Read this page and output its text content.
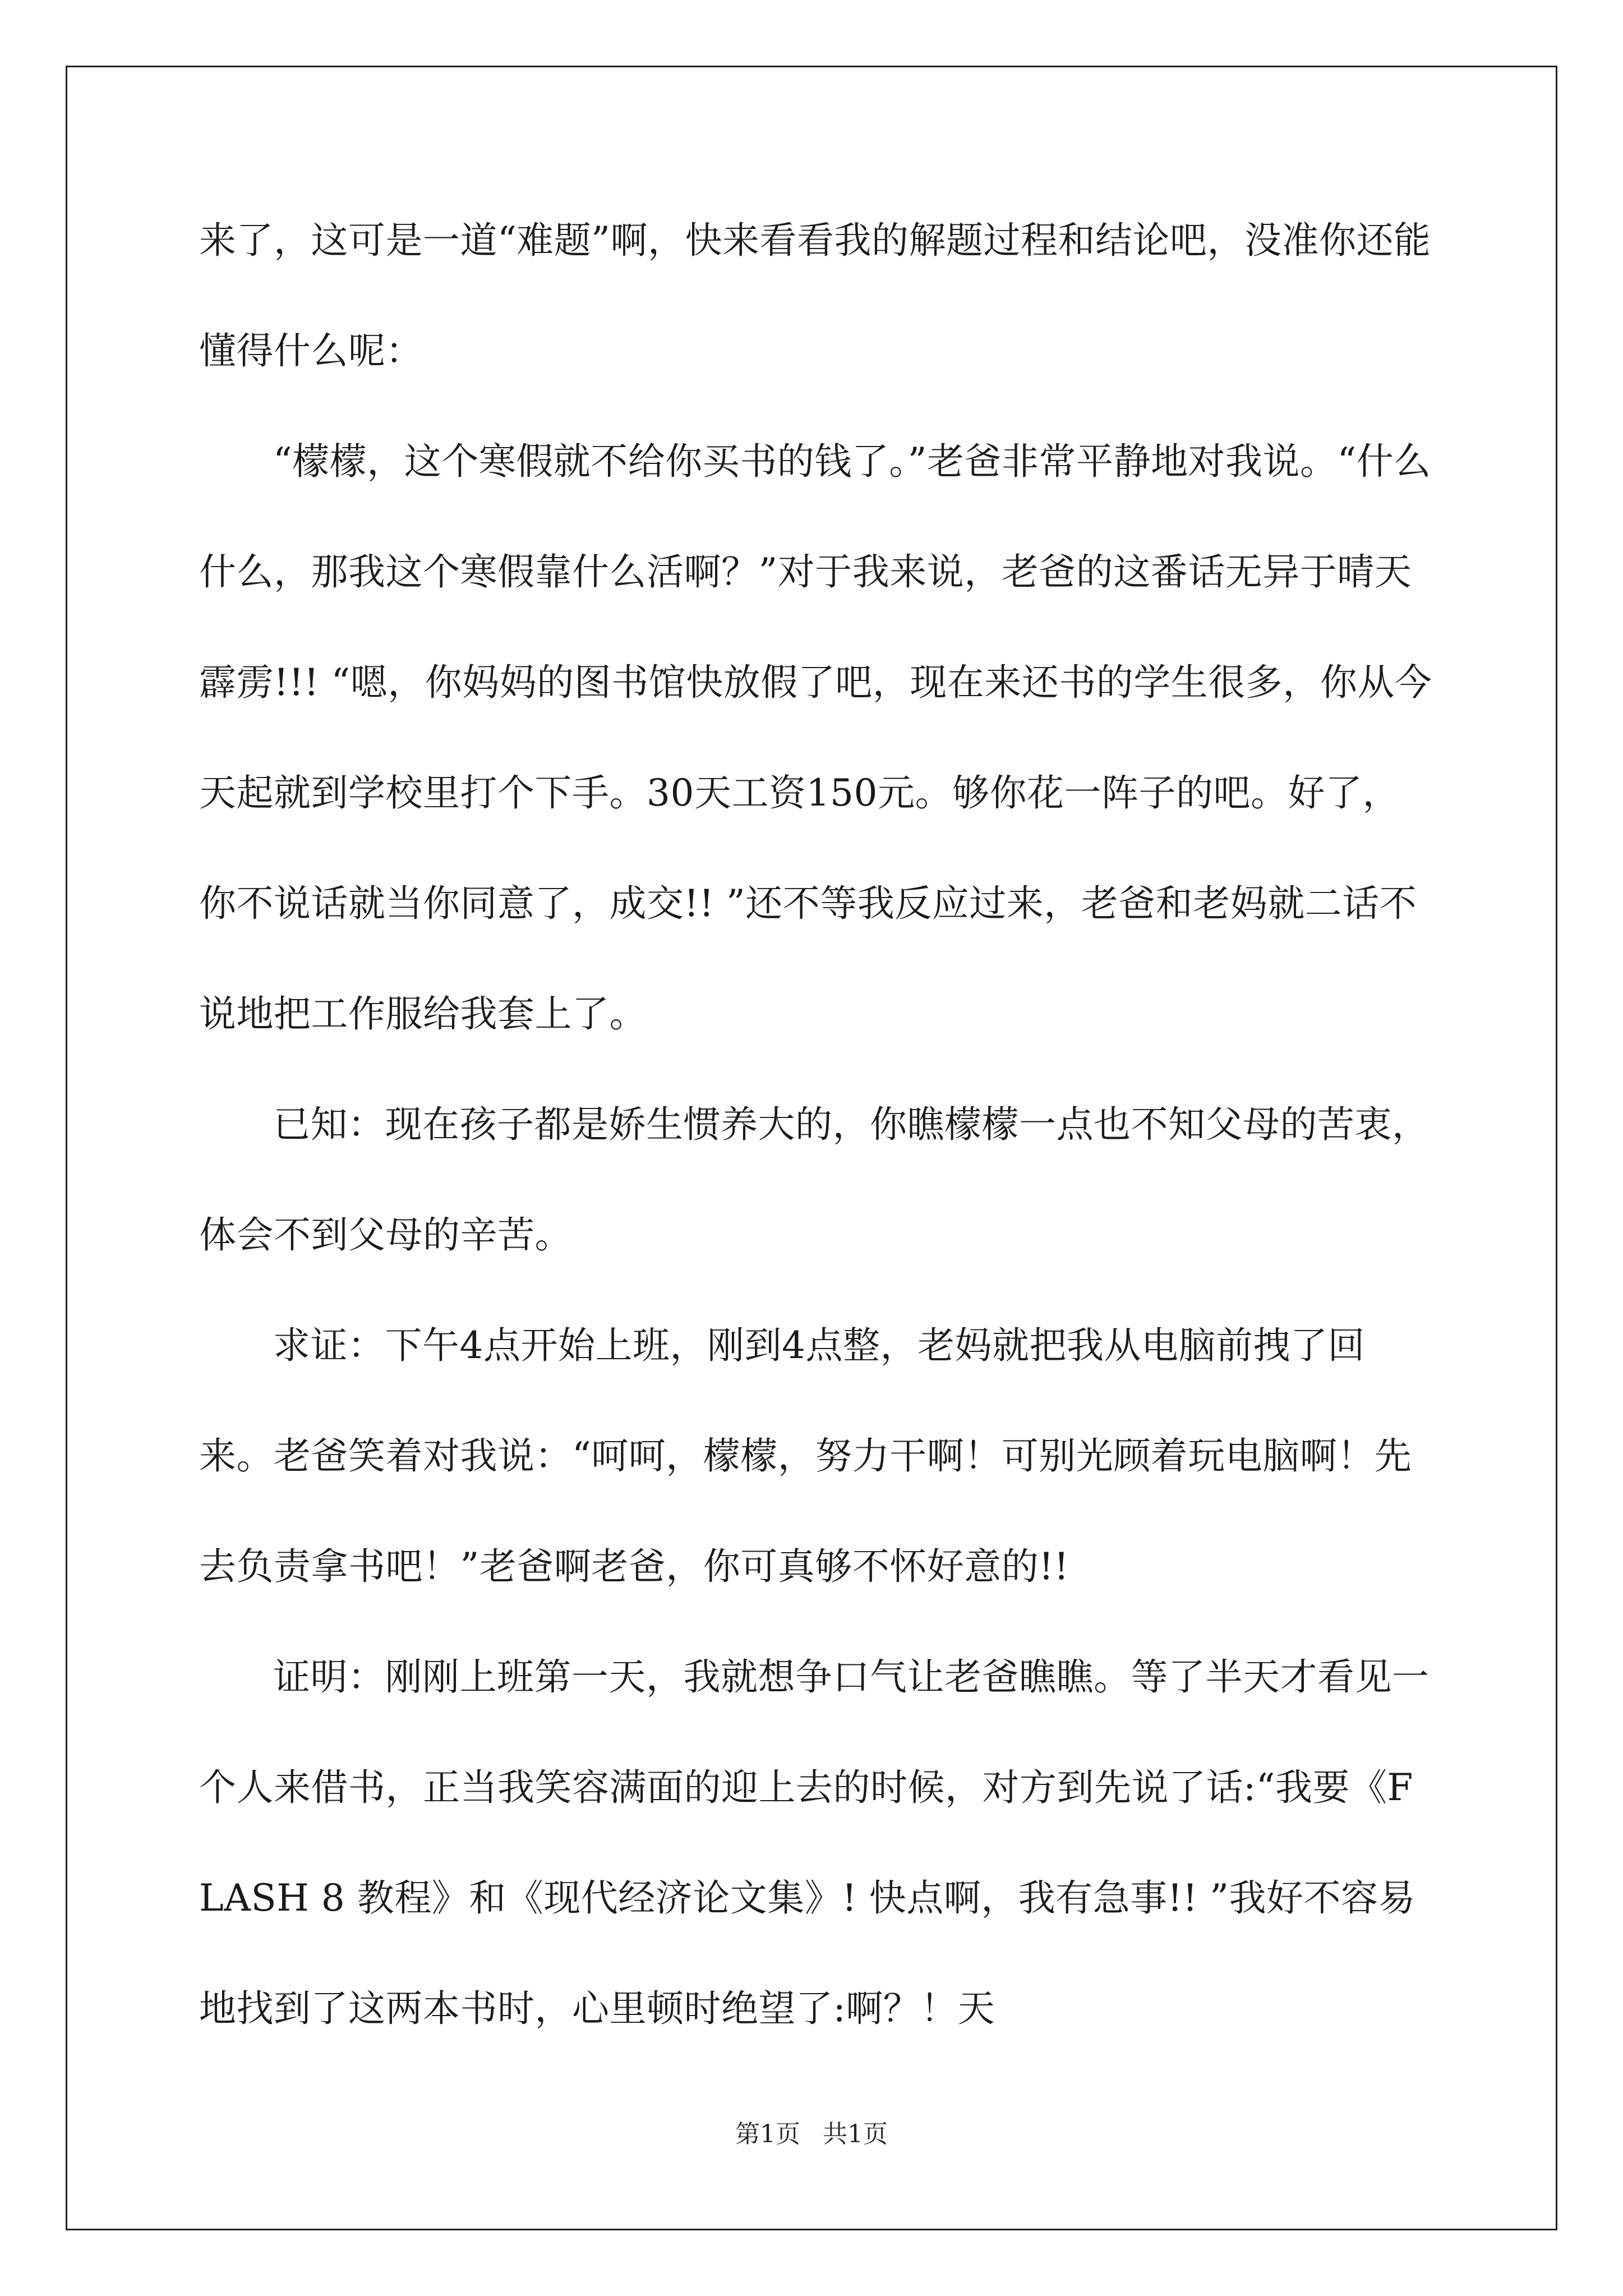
来了，这可是一道“难题”啊，快来看看我的解题过程和结论吧，没准你还能懂得什么呢：

“檬檬，这个寒假就不给你买书的钱了。”老爸非常平静地对我说。“什么什么，那我这个寒假靠什么活啊？”对于我来说，老爸的这番话无异于晴天霹雳!!! “嗯，你妈妈的图书馆快放假了吧，现在来还书的学生很多，你从今天起就到学校里打个下手。30天工资150元。够你花一阵子的吧。好了，你不说话就当你同意了，成交!! ”还不等我反应过来，老爸和老妈就二话不说地把工作服给我套上了。

已知：现在孩子都是娇生惯养大的，你瞧檬檬一点也不知父母的苦衷，体会不到父母的辛苦。

求证：下午4点开始上班，刚到4点整，老妈就把我从电脑前拽了回来。老爸笑着对我说：“呵呵，檬檬，努力干啊！可别光顾着玩电脑啊！先去负责拿书吧！”老爸啊老爸，你可真够不怀好意的!!

证明：刚刚上班第一天，我就想争口气让老爸瞧瞧。等了半天才看见一个人来借书，正当我笑容满面的迎上去的时候，对方到先说了话:“我要《FLASH 8 教程》和《现代经济论文集》! 快点啊，我有急事!! ”我好不容易地找到了这两本书时，心里顿时绝望了:啊？！天

第1页 共1页
